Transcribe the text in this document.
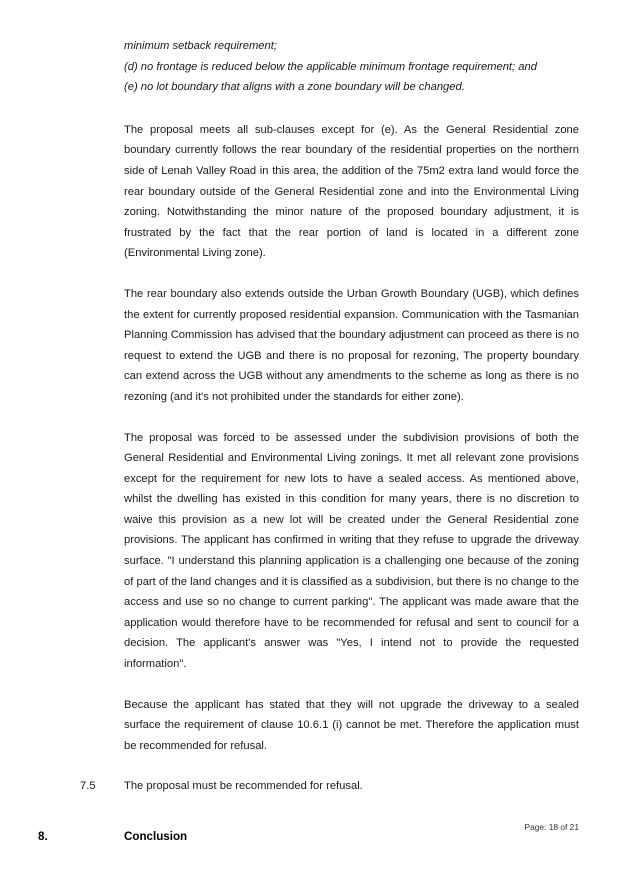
minimum setback requirement;
(d) no frontage is reduced below the applicable minimum frontage requirement; and
(e) no lot boundary that aligns with a zone boundary will be changed.

The proposal meets all sub-clauses except for (e). As the General Residential zone boundary currently follows the rear boundary of the residential properties on the northern side of Lenah Valley Road in this area, the addition of the 75m2 extra land would force the rear boundary outside of the General Residential zone and into the Environmental Living zoning. Notwithstanding the minor nature of the proposed boundary adjustment, it is frustrated by the fact that the rear portion of land is located in a different zone (Environmental Living zone).

The rear boundary also extends outside the Urban Growth Boundary (UGB), which defines the extent for currently proposed residential expansion. Communication with the Tasmanian Planning Commission has advised that the boundary adjustment can proceed as there is no request to extend the UGB and there is no proposal for rezoning, The property boundary can extend across the UGB without any amendments to the scheme as long as there is no rezoning (and it's not prohibited under the standards for either zone).

The proposal was forced to be assessed under the subdivision provisions of both the General Residential and Environmental Living zonings. It met all relevant zone provisions except for the requirement for new lots to have a sealed access. As mentioned above, whilst the dwelling has existed in this condition for many years, there is no discretion to waive this provision as a new lot will be created under the General Residential zone provisions. The applicant has confirmed in writing that they refuse to upgrade the driveway surface. "I understand this planning application is a challenging one because of the zoning of part of the land changes and it is classified as a subdivision, but there is no change to the access and use so no change to current parking". The applicant was made aware that the application would therefore have to be recommended for refusal and sent to council for a decision. The applicant's answer was "Yes, I intend not to provide the requested information".

Because the applicant has stated that they will not upgrade the driveway to a sealed surface the requirement of clause 10.6.1 (i) cannot be met. Therefore the application must be recommended for refusal.

7.5	The proposal must be recommended for refusal.
8.	Conclusion
Page: 18 of 21
